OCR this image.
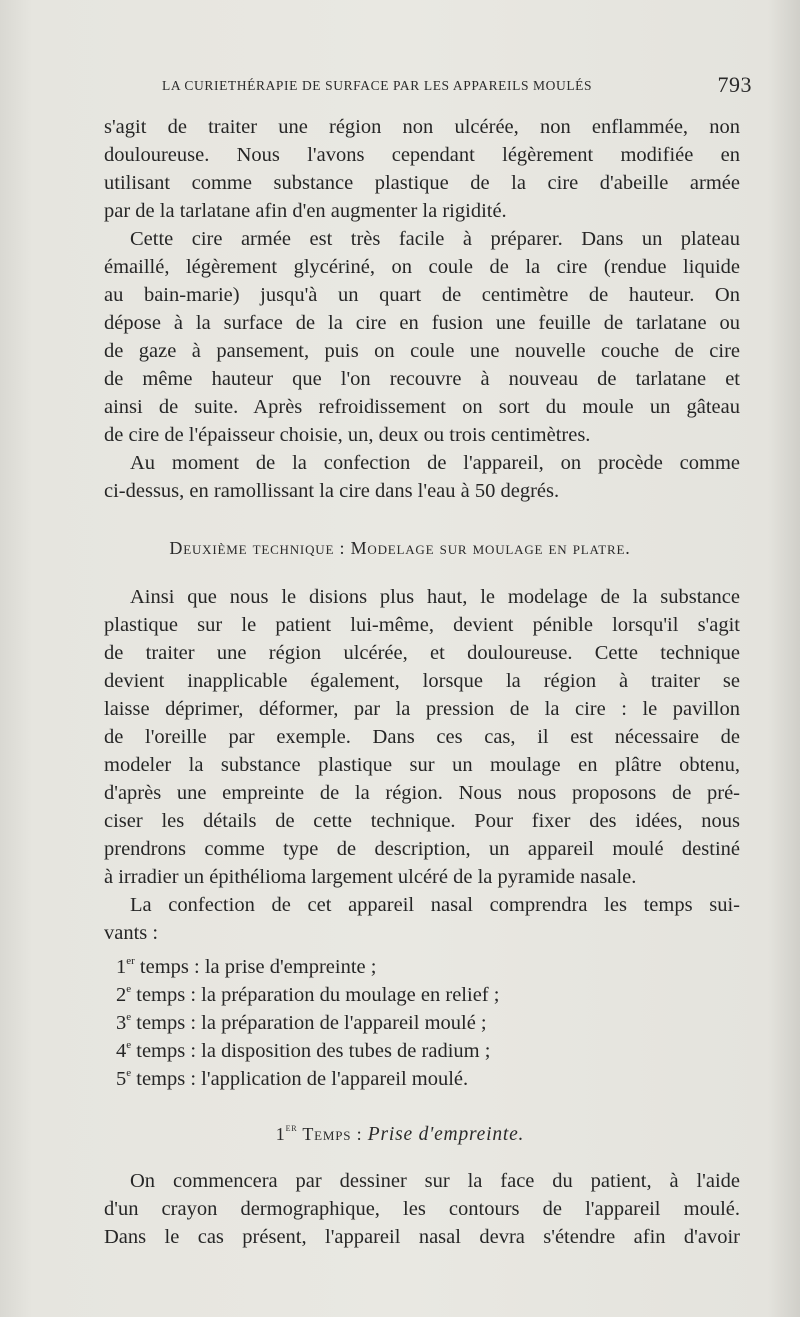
LA CURIETHÉRAPIE DE SURFACE PAR LES APPAREILS MOULÉS	793
s'agit de traiter une région non ulcérée, non enflammée, non
douloureuse. Nous l'avons cependant légèrement modifiée en
utilisant comme substance plastique de la cire d'abeille armée
par de la tarlatane afin d'en augmenter la rigidité.
Cette cire armée est très facile à préparer. Dans un plateau
émaillé, légèrement glycériné, on coule de la cire (rendue liquide
au bain-marie) jusqu'à un quart de centimètre de hauteur. On
dépose à la surface de la cire en fusion une feuille de tarlatane ou
de gaze à pansement, puis on coule une nouvelle couche de cire
de même hauteur que l'on recouvre à nouveau de tarlatane et
ainsi de suite. Après refroidissement on sort du moule un gâteau
de cire de l'épaisseur choisie, un, deux ou trois centimètres.
Au moment de la confection de l'appareil, on procède comme
ci-dessus, en ramollissant la cire dans l'eau à 50 degrés.
Deuxième technique : Modelage sur moulage en platre.
Ainsi que nous le disions plus haut, le modelage de la substance
plastique sur le patient lui-même, devient pénible lorsqu'il s'agit
de traiter une région ulcérée, et douloureuse. Cette technique
devient inapplicable également, lorsque la région à traiter se
laisse déprimer, déformer, par la pression de la cire : le pavillon
de l'oreille par exemple. Dans ces cas, il est nécessaire de
modeler la substance plastique sur un moulage en plâtre obtenu,
d'après une empreinte de la région. Nous nous proposons de pré-
ciser les détails de cette technique. Pour fixer des idées, nous
prendrons comme type de description, un appareil moulé destiné
à irradier un épithélioma largement ulcéré de la pyramide nasale.
La confection de cet appareil nasal comprendra les temps sui-
vants :
1er temps : la prise d'empreinte ;
2e temps : la préparation du moulage en relief ;
3e temps : la préparation de l'appareil moulé ;
4e temps : la disposition des tubes de radium ;
5e temps : l'application de l'appareil moulé.
1er Temps : Prise d'empreinte.
On commencera par dessiner sur la face du patient, à l'aide
d'un crayon dermographique, les contours de l'appareil moulé.
Dans le cas présent, l'appareil nasal devra s'étendre afin d'avoir
